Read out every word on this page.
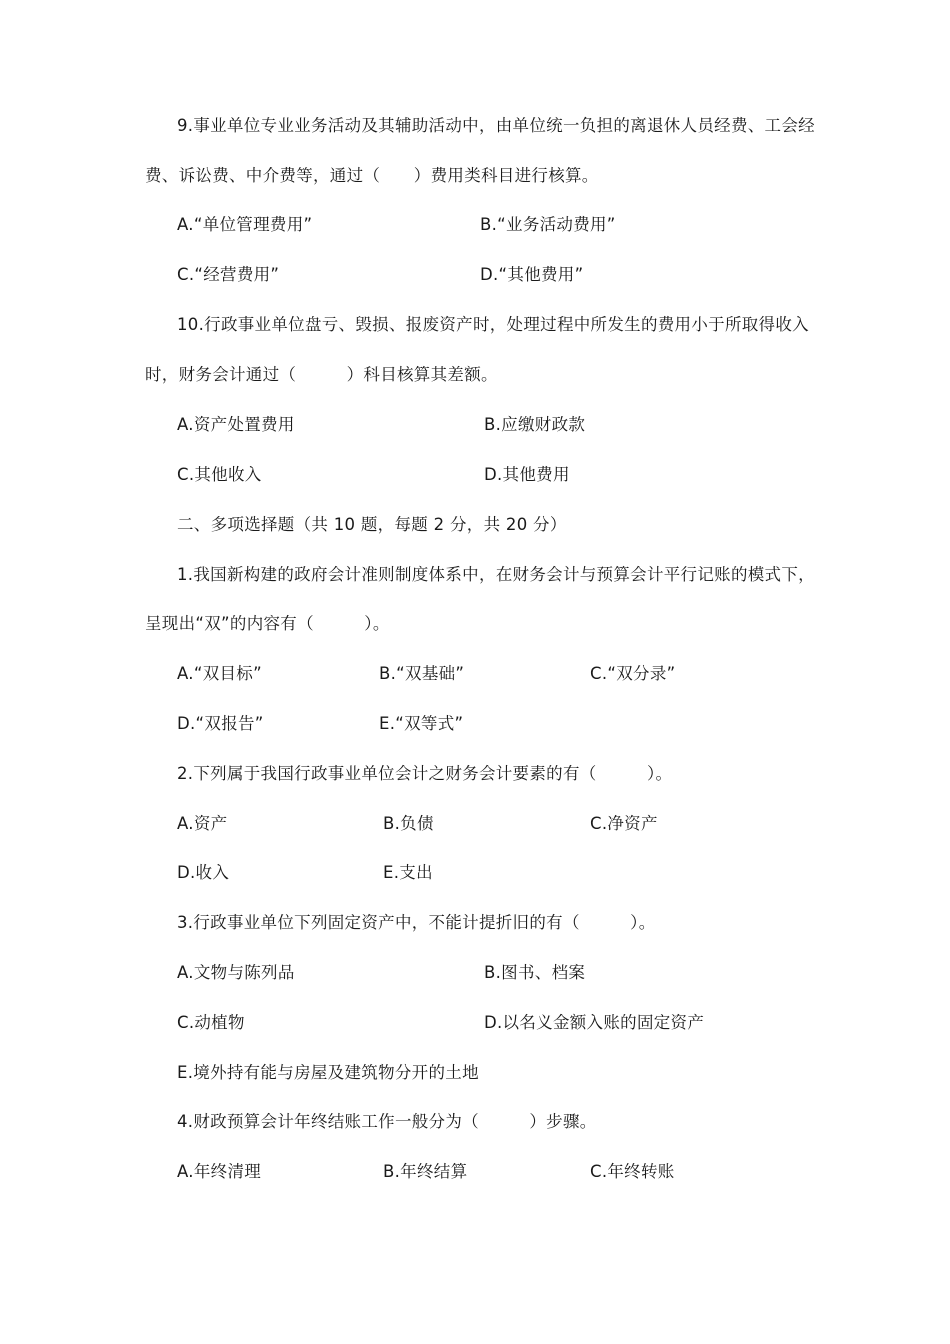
9.事业单位专业业务活动及其辅助活动中，由单位统一负担的离退休人员经费、工会经
费、诉讼费、中介费等，通过（　　）费用类科目进行核算。
A.“单位管理费用”	B.“业务活动费用”
C.“经营费用”	D.“其他费用”
10.行政事业单位盘亏、毁损、报废资产时，处理过程中所发生的费用小于所取得收入
时，财务会计通过（　　　）科目核算其差额。
A.资产处置费用	B.应缴财政款
C.其他收入	D.其他费用
二、多项选择题（共 10 题，每题 2 分，共 20 分）
1.我国新构建的政府会计准则制度体系中，在财务会计与预算会计平行记账的模式下，
呈现出“双”的内容有（　　　）。
A.“双目标”	B.“双基础”	C.“双分录”
D.“双报告”	E.“双等式”
2.下列属于我国行政事业单位会计之财务会计要素的有（　　　）。
A.资产	B.负债	C.净资产
D.收入	E.支出
3.行政事业单位下列固定资产中，不能计提折旧的有（　　　）。
A.文物与陈列品	B.图书、档案
C.动植物	D.以名义金额入账的固定资产
E.境外持有能与房屋及建筑物分开的土地
4.财政预算会计年终结账工作一般分为（　　　）步骤。
A.年终清理	B.年终结算	C.年终转账
